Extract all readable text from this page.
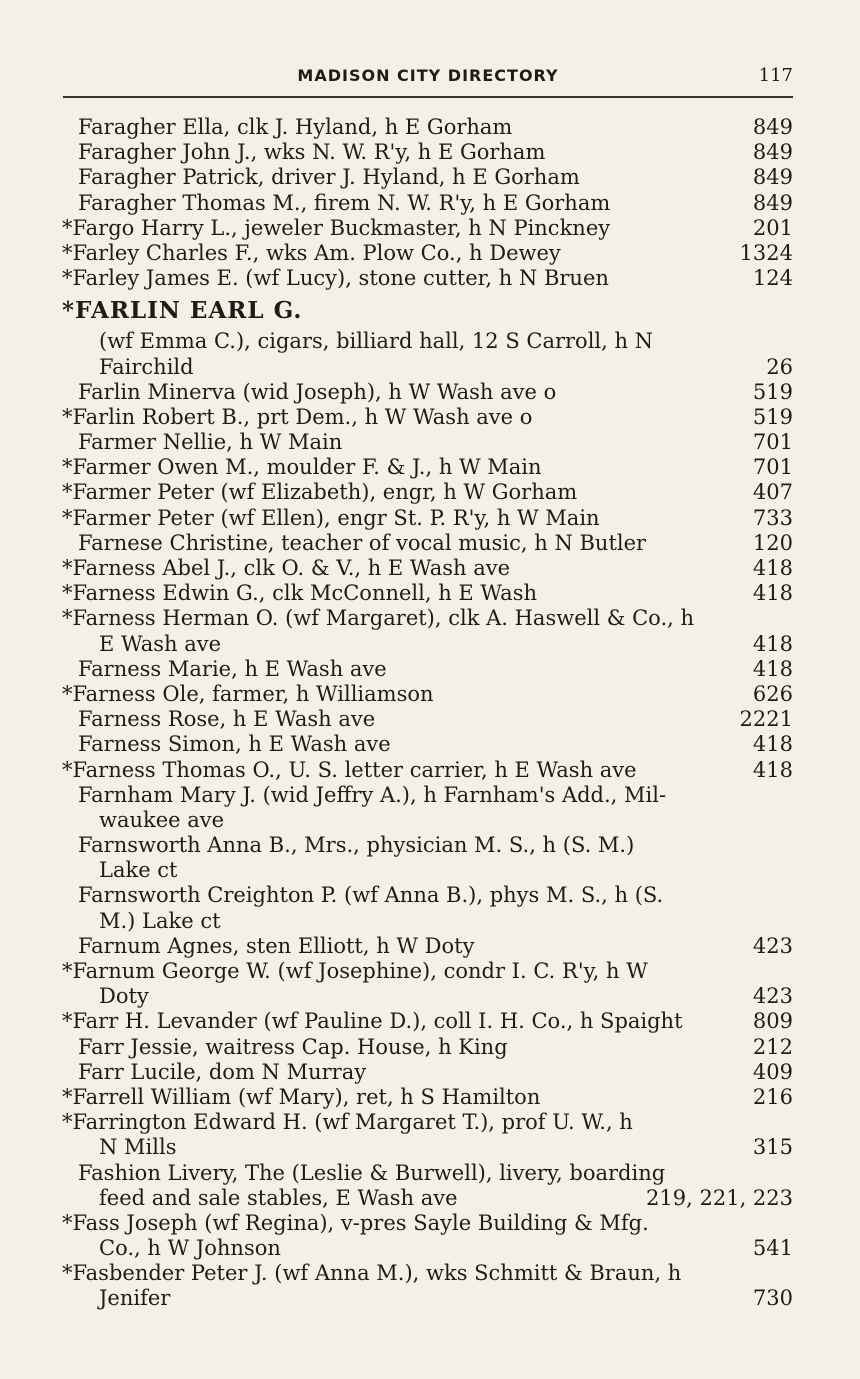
MADISON CITY DIRECTORY	117
Faragher Ella, clk J. Hyland, h E Gorham	849
Faragher John J., wks N. W. R'y, h E Gorham	849
Faragher Patrick, driver J. Hyland, h E Gorham	849
Faragher Thomas M., firem N. W. R'y, h E Gorham	849
*Fargo Harry L., jeweler Buckmaster, h N Pinckney	201
*Farley Charles F., wks Am. Plow Co., h Dewey	1324
*Farley James E. (wf Lucy), stone cutter, h N Bruen	124
*FARLIN EARL G.
(wf Emma C.), cigars, billiard hall, 12 S Carroll, h N
Fairchild	26
Farlin Minerva (wid Joseph), h W Wash ave o	519
*Farlin Robert B., prt Dem., h W Wash ave o	519
Farmer Nellie, h W Main	701
*Farmer Owen M., moulder F. & J., h W Main	701
*Farmer Peter (wf Elizabeth), engr, h W Gorham	407
*Farmer Peter (wf Ellen), engr St. P. R'y, h W Main	733
Farnese Christine, teacher of vocal music, h N Butler	120
*Farness Abel J., clk O. & V., h E Wash ave	418
*Farness Edwin G., clk McConnell, h E Wash	418
*Farness Herman O. (wf Margaret), clk A. Haswell & Co., h
E Wash ave	418
Farness Marie, h E Wash ave	418
*Farness Ole, farmer, h Williamson	626
Farness Rose, h E Wash ave	2221
Farness Simon, h E Wash ave	418
*Farness Thomas O., U. S. letter carrier, h E Wash ave	418
Farnham Mary J. (wid Jeffry A.), h Farnham's Add., Mil-
waukee ave
Farnsworth Anna B., Mrs., physician M. S., h (S. M.)
Lake ct
Farnsworth Creighton P. (wf Anna B.), phys M. S., h (S.
M.) Lake ct
Farnum Agnes, sten Elliott, h W Doty	423
*Farnum George W. (wf Josephine), condr I. C. R'y, h W
Doty	423
*Farr H. Levander (wf Pauline D.), coll I. H. Co., h Spaight	809
Farr Jessie, waitress Cap. House, h King	212
Farr Lucile, dom N Murray	409
*Farrell William (wf Mary), ret, h S Hamilton	216
*Farrington Edward H. (wf Margaret T.), prof U. W., h
N Mills	315
Fashion Livery, The (Leslie & Burwell), livery, boarding
feed and sale stables, E Wash ave	219, 221, 223
*Fass Joseph (wf Regina), v-pres Sayle Building & Mfg.
Co., h W Johnson	541
*Fasbender Peter J. (wf Anna M.), wks Schmitt & Braun, h
Jenifer	730
